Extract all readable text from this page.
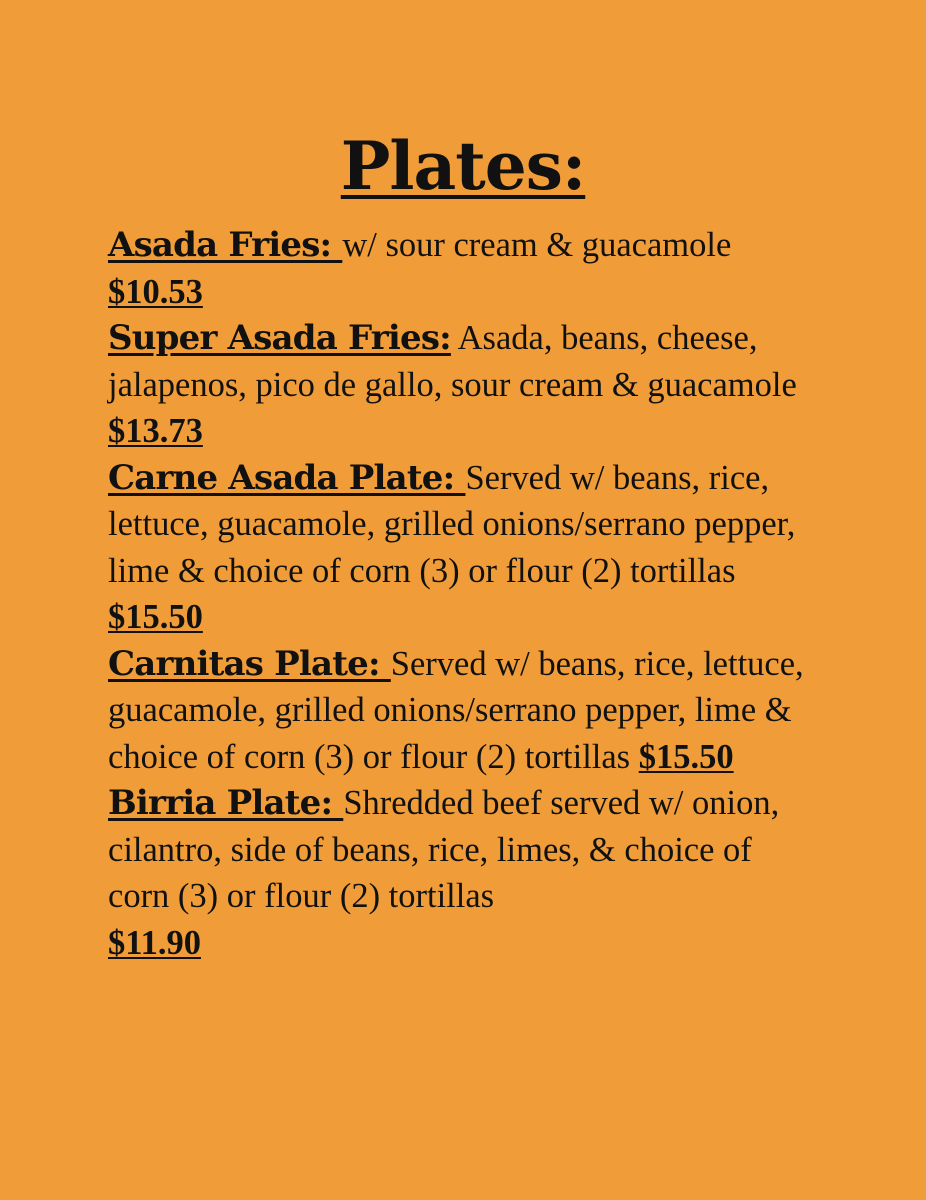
Plates:
Asada Fries: w/ sour cream & guacamole
$10.53
Super Asada Fries: Asada, beans, cheese, jalapenos, pico de gallo, sour cream & guacamole $13.73
Carne Asada Plate: Served w/ beans, rice, lettuce, guacamole, grilled onions/serrano pepper, lime & choice of corn (3) or flour (2) tortillas $15.50
Carnitas Plate: Served w/ beans, rice, lettuce, guacamole, grilled onions/serrano pepper, lime & choice of corn (3) or flour (2) tortillas $15.50
Birria Plate: Shredded beef served w/ onion, cilantro, side of beans, rice, limes, & choice of corn (3) or flour (2) tortillas
$11.90
